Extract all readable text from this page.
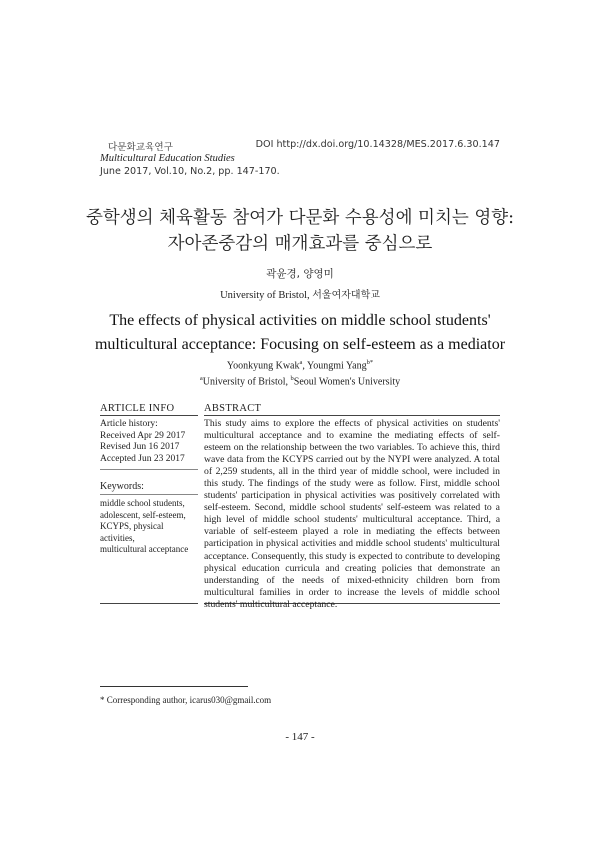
다문화교육연구
Multicultural Education Studies
June 2017, Vol.10, No.2, pp. 147-170.
DOI http://dx.doi.org/10.14328/MES.2017.6.30.147
중학생의 체육활동 참여가 다문화 수용성에 미치는 영향:
자아존중감의 매개효과를 중심으로
곽윤경, 양영미
University of Bristol, 서울여자대학교
The effects of physical activities on middle school students'
multicultural acceptance: Focusing on self-esteem as a mediator
Yoonkyung Kwak$^a$, Youngmi Yang$^{b*}$
$^a$University of Bristol, $^b$Seoul Women's University
ARTICLE INFO	ABSTRACT
Article history:
Received Apr 29 2017
Revised Jun 16 2017
Accepted Jun 23 2017
Keywords:
middle school students,
adolescent, self-esteem,
KCYPS, physical activities,
multicultural acceptance
This study aims to explore the effects of physical activities on students' multicultural acceptance and to examine the mediating effects of self-esteem on the relationship between the two variables. To achieve this, third wave data from the KCYPS carried out by the NYPI were analyzed. A total of 2,259 students, all in the third year of middle school, were included in this study. The findings of the study were as follow. First, middle school students' participation in physical activities was positively correlated with self-esteem. Second, middle school students' self-esteem was related to a high level of middle school students' multicultural acceptance. Third, a variable of self-esteem played a role in mediating the effects between participation in physical activities and middle school students' multicultural acceptance. Consequently, this study is expected to contribute to developing physical education curricula and creating policies that demonstrate an understanding of the needs of mixed-ethnicity children born from multicultural families in order to increase the levels of middle school students' multicultural acceptance.
* Corresponding author, icarus030@gmail.com
- 147 -
